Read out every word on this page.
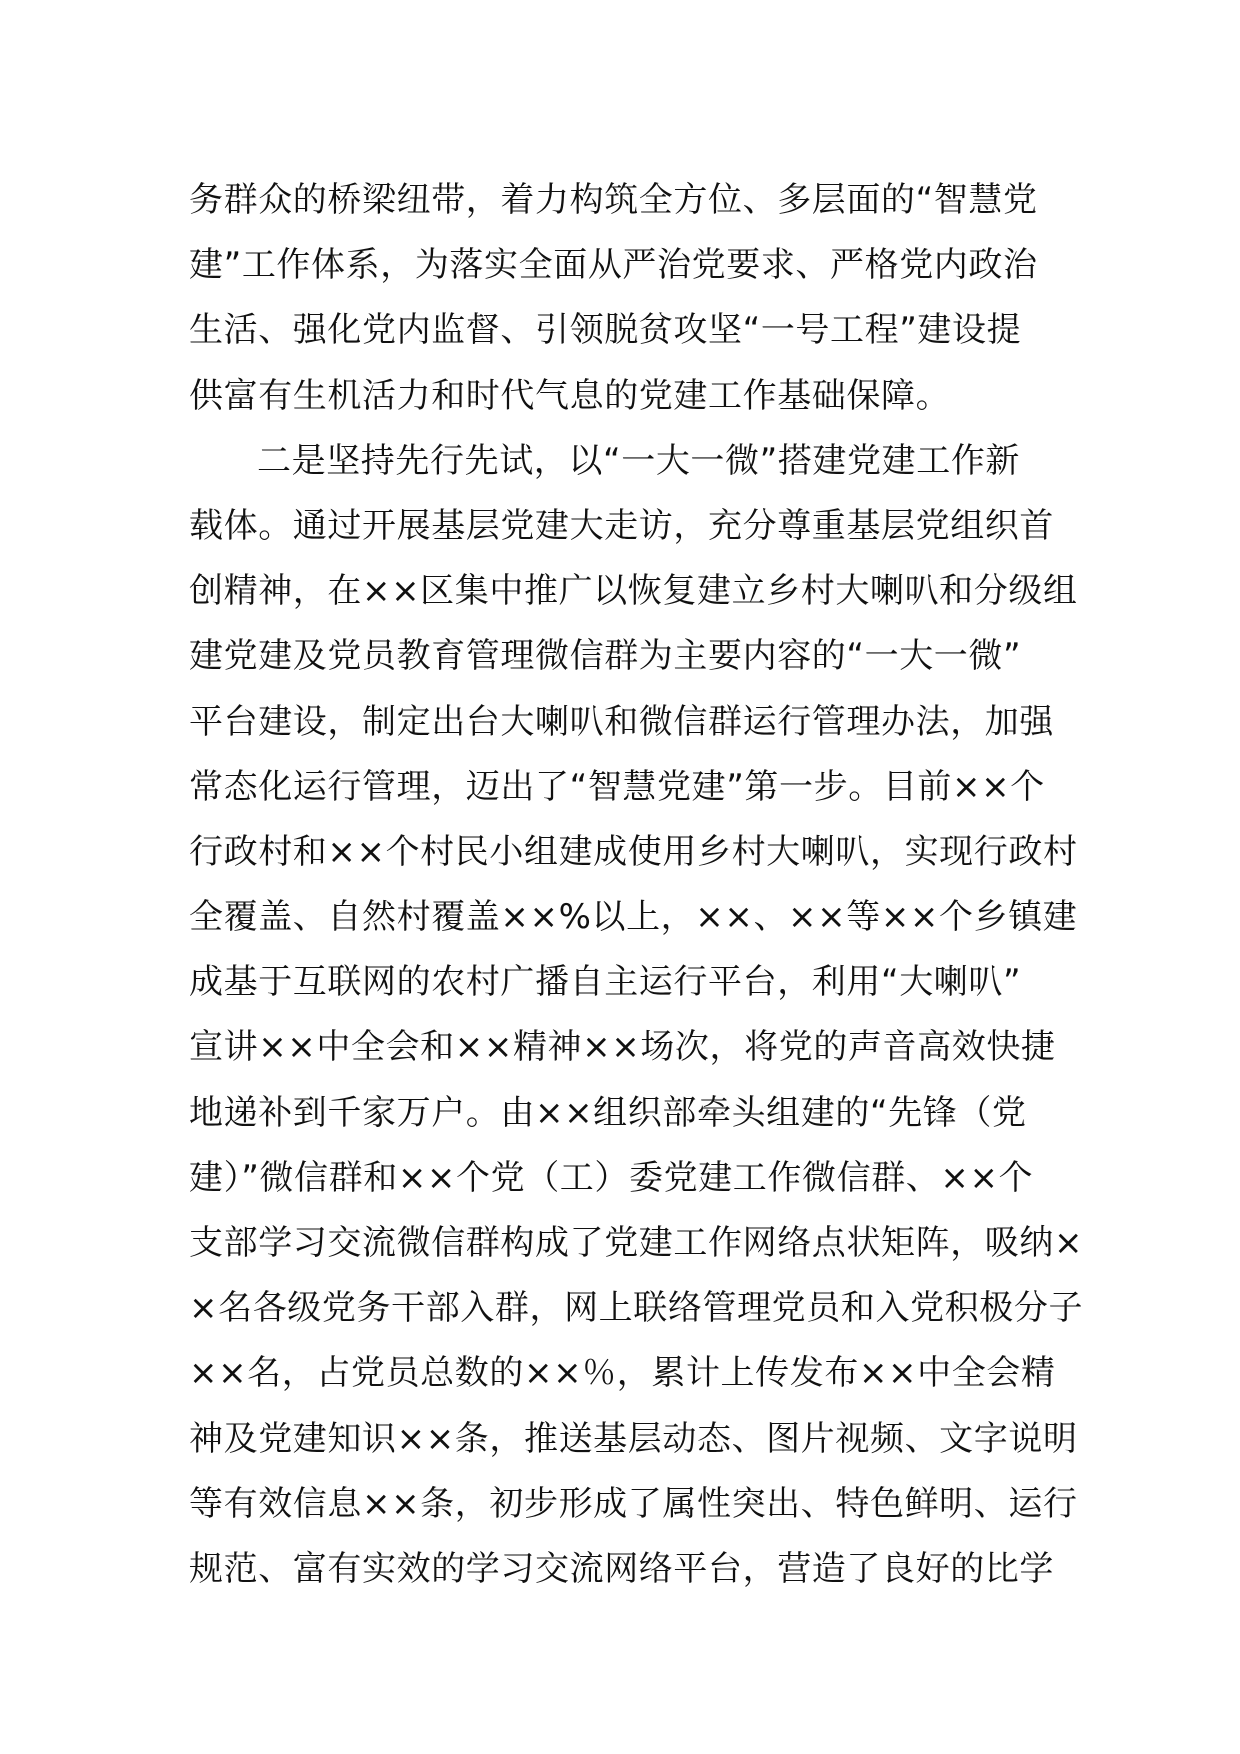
务群众的桥梁纽带，着力构筑全方位、多层面的“智慧党
建”工作体系，为落实全面从严治党要求、严格党内政治
生活、强化党内监督、引领脱贫攻坚“一号工程”建设提
供富有生机活力和时代气息的党建工作基础保障。
二是坚持先行先试，以“一大一微”搭建党建工作新
载体。通过开展基层党建大走访，充分尊重基层党组织首
创精神，在××区集中推广以恢复建立乡村大喇叭和分级组
建党建及党员教育管理微信群为主要内容的“一大一微”
平台建设，制定出台大喇叭和微信群运行管理办法，加强
常态化运行管理，迈出了“智慧党建”第一步。目前××个
行政村和××个村民小组建成使用乡村大喇叭，实现行政村
全覆盖、自然村覆盖××%以上，××、××等××个乡镇建
成基于互联网的农村广播自主运行平台，利用“大喇叭”
宣讲××中全会和××精神××场次，将党的声音高效快捷
地递补到千家万户。由××组织部牵头组建的“先锋（党
建）”微信群和××个党（工）委党建工作微信群、××个
支部学习交流微信群构成了党建工作网络点状矩阵，吸纳×
×名各级党务干部入群，网上联络管理党员和入党积极分子
××名，占党员总数的××％，累计上传发布××中全会精
神及党建知识××条，推送基层动态、图片视频、文字说明
等有效信息××条，初步形成了属性突出、特色鲜明、运行
规范、富有实效的学习交流网络平台，营造了良好的比学
